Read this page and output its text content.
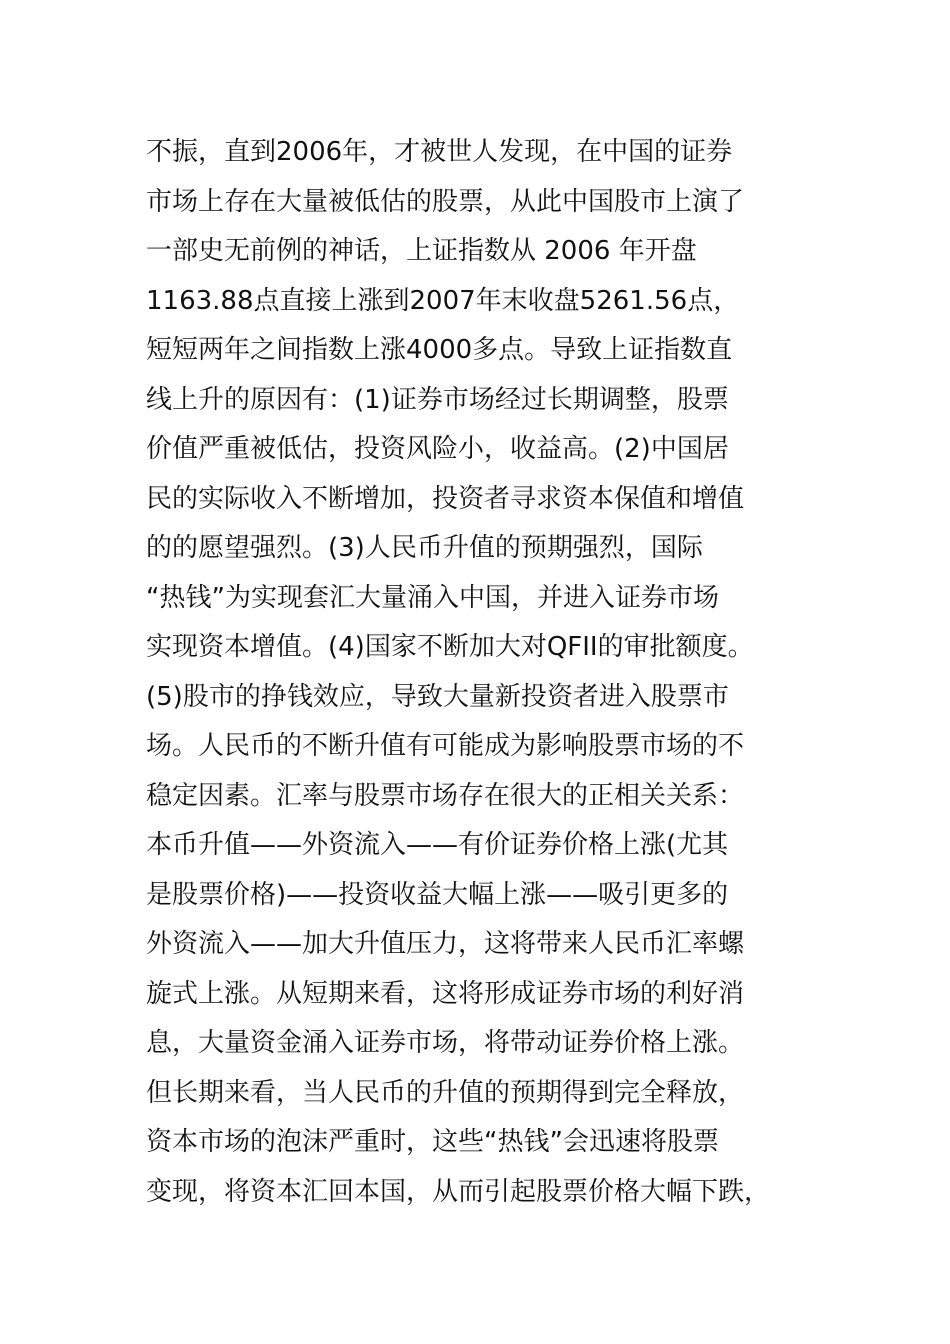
不振，直到2006年，才被世人发现，在中国的证券
市场上存在大量被低估的股票，从此中国股市上演了
一部史无前例的神话，上证指数从 2006 年开盘
1163.88点直接上涨到2007年末收盘5261.56点，
短短两年之间指数上涨4000多点。导致上证指数直
线上升的原因有：(1)证券市场经过长期调整，股票
价值严重被低估，投资风险小，收益高。(2)中国居
民的实际收入不断增加，投资者寻求资本保值和增值
的的愿望强烈。(3)人民币升值的预期强烈，国际
“热钱”为实现套汇大量涌入中国，并进入证券市场
实现资本增值。(4)国家不断加大对QFII的审批额度。
(5)股市的挣钱效应，导致大量新投资者进入股票市
场。人民币的不断升值有可能成为影响股票市场的不
稳定因素。汇率与股票市场存在很大的正相关关系：
本币升值——外资流入——有价证券价格上涨(尤其
是股票价格)——投资收益大幅上涨——吸引更多的
外资流入——加大升值压力，这将带来人民币汇率螺
旋式上涨。从短期来看，这将形成证券市场的利好消
息，大量资金涌入证券市场，将带动证券价格上涨。
但长期来看，当人民币的升值的预期得到完全释放，
资本市场的泡沫严重时，这些“热钱”会迅速将股票
变现，将资本汇回本国，从而引起股票价格大幅下跌，
